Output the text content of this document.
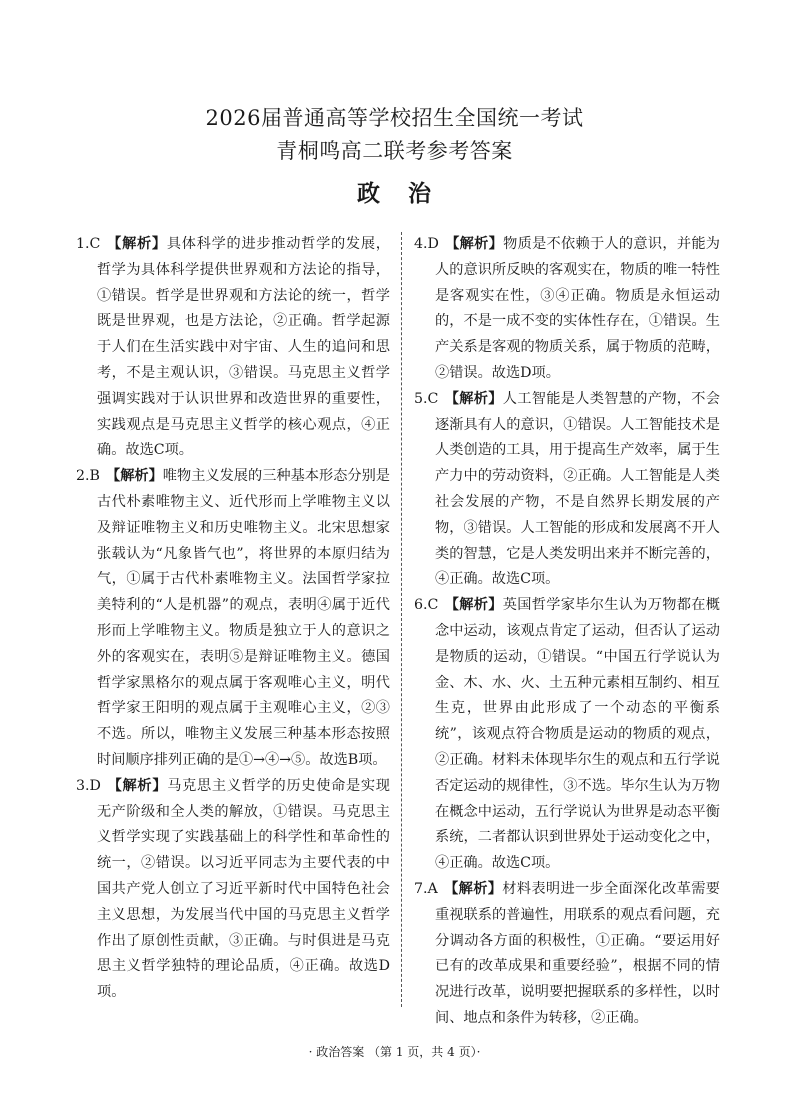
2026届普通高等学校招生全国统一考试
青桐鸣高二联考参考答案
政 治

1.C 【解析】具体科学的进步推动哲学的发展，哲学为具体科学提供世界观和方法论的指导，①错误。哲学是世界观和方法论的统一，哲学既是世界观，也是方法论，②正确。哲学起源于人们在生活实践中对宇宙、人生的追问和思考，不是主观认识，③错误。马克思主义哲学强调实践对于认识世界和改造世界的重要性，实践观点是马克思主义哲学的核心观点，④正确。故选C项。

2.B 【解析】唯物主义发展的三种基本形态分别是古代朴素唯物主义、近代形而上学唯物主义以及辩证唯物主义和历史唯物主义。北宋思想家张载认为“凡象皆气也”，将世界的本原归结为气，①属于古代朴素唯物主义。法国哲学家拉美特利的“人是机器”的观点，表明④属于近代形而上学唯物主义。物质是独立于人的意识之外的客观实在，表明⑤是辩证唯物主义。德国哲学家黑格尔的观点属于客观唯心主义，明代哲学家王阳明的观点属于主观唯心主义，②③不选。所以，唯物主义发展三种基本形态按照时间顺序排列正确的是①→④→⑤。故选B项。

3.D 【解析】马克思主义哲学的历史使命是实现无产阶级和全人类的解放，①错误。马克思主义哲学实现了实践基础上的科学性和革命性的统一，②错误。以习近平同志为主要代表的中国共产党人创立了习近平新时代中国特色社会主义思想，为发展当代中国的马克思主义哲学作出了原创性贡献，③正确。与时俱进是马克思主义哲学独特的理论品质，④正确。故选D项。

4.D 【解析】物质是不依赖于人的意识，并能为人的意识所反映的客观实在，物质的唯一特性是客观实在性，③④正确。物质是永恒运动的，不是一成不变的实体性存在，①错误。生产关系是客观的物质关系，属于物质的范畴，②错误。故选D项。

5.C 【解析】人工智能是人类智慧的产物，不会逐渐具有人的意识，①错误。人工智能技术是人类创造的工具，用于提高生产效率，属于生产力中的劳动资料，②正确。人工智能是人类社会发展的产物，不是自然界长期发展的产物，③错误。人工智能的形成和发展离不开人类的智慧，它是人类发明出来并不断完善的，④正确。故选C项。

6.C 【解析】英国哲学家毕尔生认为万物都在概念中运动，该观点肯定了运动，但否认了运动是物质的运动，①错误。“中国五行学说认为金、木、水、火、土五种元素相互制约、相互生克，世界由此形成了一个动态的平衡系统”，该观点符合物质是运动的物质的观点，②正确。材料未体现毕尔生的观点和五行学说否定运动的规律性，③不选。毕尔生认为万物在概念中运动，五行学说认为世界是动态平衡系统，二者都认识到世界处于运动变化之中，④正确。故选C项。

7.A 【解析】材料表明进一步全面深化改革需要重视联系的普遍性，用联系的观点看问题，充分调动各方面的积极性，①正确。“要运用好已有的改革成果和重要经验”，根据不同的情况进行改革，说明要把握联系的多样性，以时间、地点和条件为转移，②正确。

· 政治答案 （第 1 页，共 4 页）·
